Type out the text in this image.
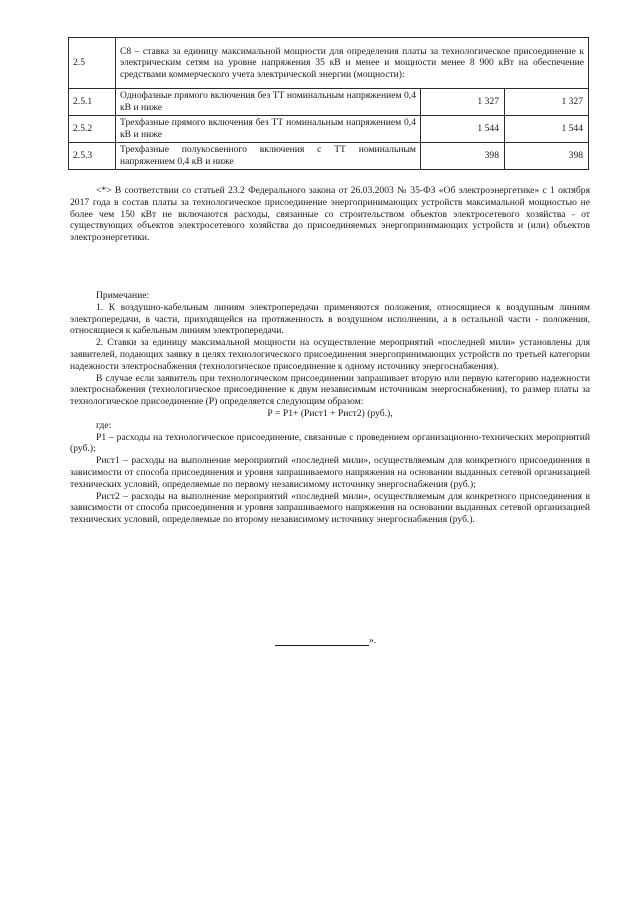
2.5	C8 – ставка за единицу максимальной мощности для определения платы за технологическое присоединение к электрическим сетям на уровне напряжения 35 кВ и менее и мощности менее 8 900 кВт на обеспечение средствами коммерческого учета электрической энергии (мощности):		
2.5.1	Однофазные прямого включения без ТТ номинальным напряжением 0,4 кВ и ниже	1 327	1 327
2.5.2	Трехфазные прямого включения без ТТ номинальным напряжением 0,4 кВ и ниже	1 544	1 544
2.5.3	Трехфазные полукосвенного включения с ТТ номинальным напряжением 0,4 кВ и ниже	398	398

<*> В соответствии со статьей 23.2 Федерального закона от 26.03.2003 № 35-ФЗ «Об электроэнергетике» с 1 октября 2017 года в состав платы за технологическое присоединение энергопринимающих устройств максимальной мощностью не более чем 150 кВт не включаются расходы, связанные со строительством объектов электросетевого хозяйства - от существующих объектов электросетевого хозяйства до присоединяемых энергопринимающих устройств и (или) объектов электроэнергетики.

Примечание:

1. К воздушно-кабельным линиям электропередачи применяются положения, относящиеся к воздушным линиям электропередачи, в части, приходящейся на протяженность в воздушном исполнении, а в остальной части - положения, относящиеся к кабельным линиям электропередачи.

2. Ставки за единицу максимальной мощности на осуществление мероприятий «последней мили» установлены для заявителей, подающих заявку в целях технологического присоединения энергопринимающих устройств по третьей категории надежности электроснабжения (технологическое присоединение к одному источнику энергоснабжения).

В случае если заявитель при технологическом присоединении запрашивает вторую или первую категорию надежности электроснабжения (технологическое присоединение к двум независимым источникам энергоснабжения), то размер платы за технологическое присоединение (Р) определяется следующим образом:

Р = Р1+ (Рист1 + Рист2) (руб.),

где:

Р1 – расходы на технологическое присоединение, связанные с проведением организационно-технических мероприятий (руб.);

Рист1 – расходы на выполнение мероприятий «последней мили», осуществляемым для конкретного присоединения в зависимости от способа присоединения и уровня запрашиваемого напряжения на основании выданных сетевой организацией технических условий, определяемые по первому независимому источнику энергоснабжения (руб.);

Рист2 – расходы на выполнение мероприятий «последней мили», осуществляемым для конкретного присоединения в зависимости от способа присоединения и уровня запрашиваемого напряжения на основании выданных сетевой организацией технических условий, определяемые по второму независимому источнику энергоснабжения (руб.).

».
